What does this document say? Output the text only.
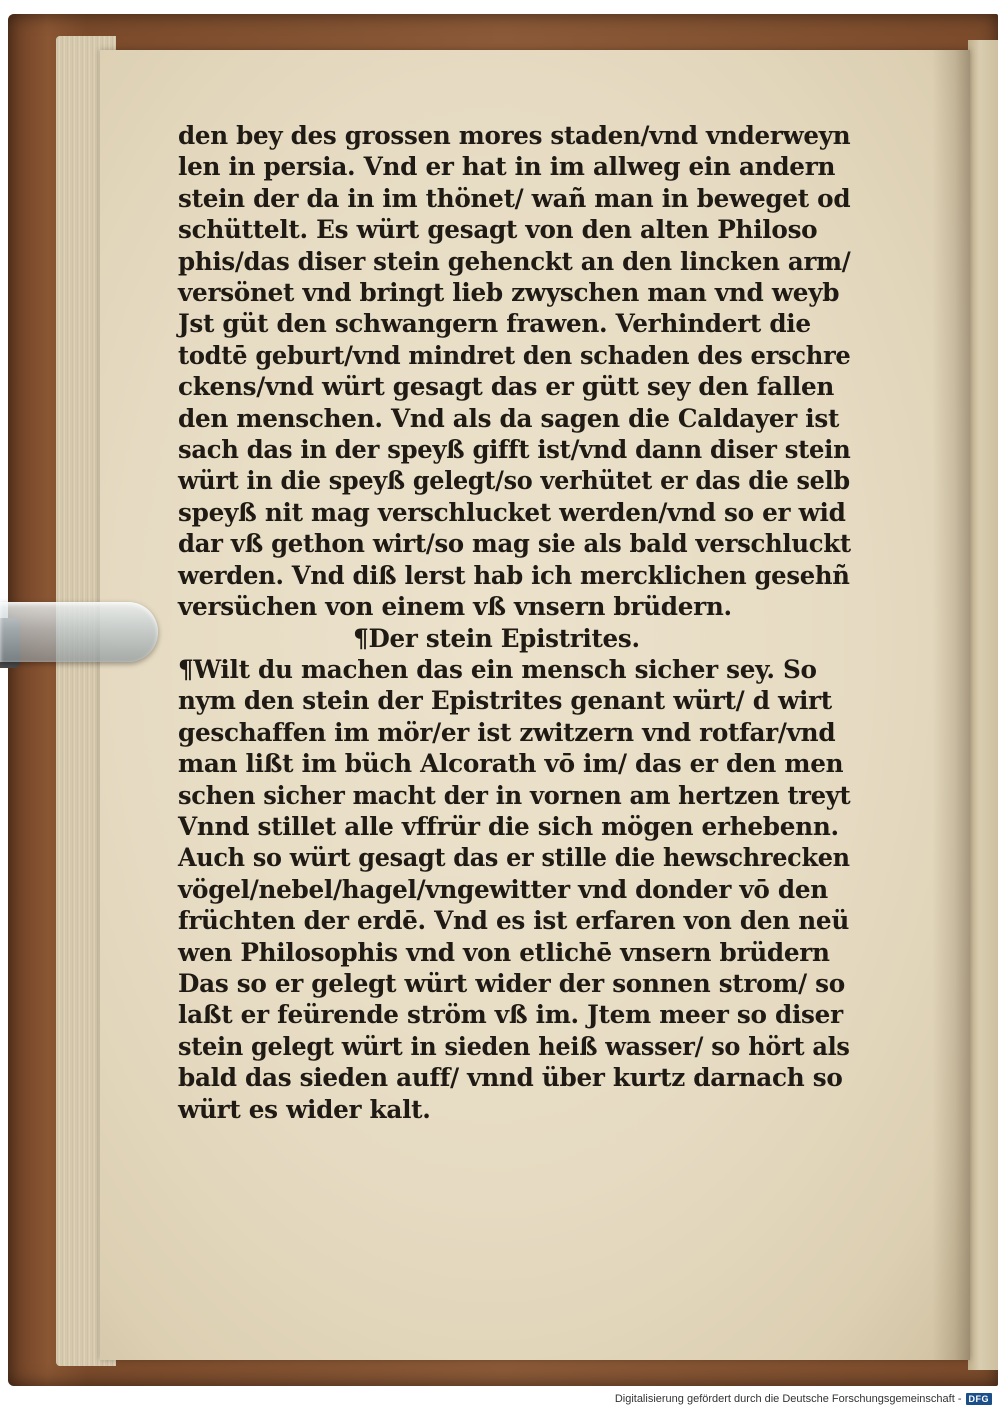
den bey des grossen mores staden/vnd vnderweyn
len in persia. Vnd er hat in im allweg ein andern
stein der da in im thönet/ wañ man in beweget od
schüttelt. Es würt gesagt von den alten Philoso
phis/das diser stein gehenckt an den lincken arm/
versönet vnd bringt lieb zwyschen man vnd weyb
Jst güt den schwangern frawen. Verhindert die
todtē geburt/vnd mindret den schaden des erschre
ckens/vnd würt gesagt das er gütt sey den fallen
den menschen. Vnd als da sagen die Caldayer ist
sach das in der speyß gifft ist/vnd dann diser stein
würt in die speyß gelegt/so verhütet er das die selb
speyß nit mag verschlucket werden/vnd so er wid
dar vß gethon wirt/so mag sie als bald verschluckt
werden. Vnd diß lerst hab ich mercklichen gesehñ
versüchen von einem vß vnsern brüdern.
¶Der stein Epistrites.
¶Wilt du machen das ein mensch sicher sey. So
nym den stein der Epistrites genant würt/ d wirt
geschaffen im mör/er ist zwitzern vnd rotfar/vnd
man lißt im büch Alcorath vō im/ das er den men
schen sicher macht der in vornen am hertzen treyt
Vnnd stillet alle vffrür die sich mögen erhebenn.
Auch so würt gesagt das er stille die hewschrecken
vögel/nebel/hagel/vngewitter vnd donder vō den
früchten der erdē. Vnd es ist erfaren von den neü
wen Philosophis vnd von etlichē vnsern brüdern
Das so er gelegt würt wider der sonnen strom/ so
laßt er feürende ström vß im. Jtem meer so diser
stein gelegt würt in sieden heiß wasser/ so hört als
bald das sieden auff/ vnnd über kurtz darnach so
würt es wider kalt.
Digitalisierung gefördert durch die Deutsche Forschungsgemeinschaft - DFG
